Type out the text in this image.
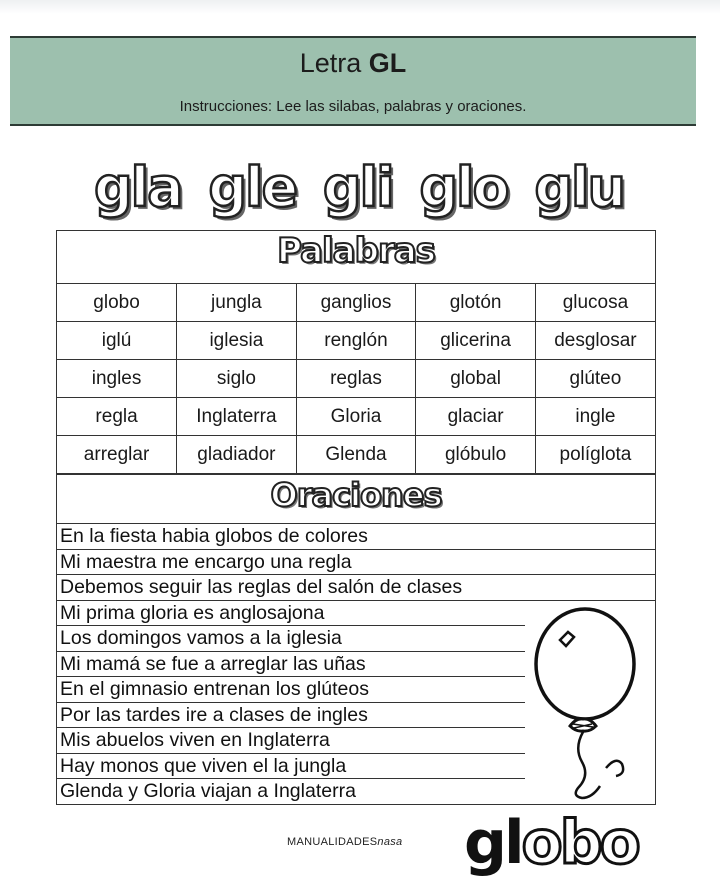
Letra GL
Instrucciones: Lee las silabas, palabras y oraciones.
gla gle gli glo glu
Palabras
globo	jungla	ganglios	glotón	glucosa
iglú	iglesia	renglón	glicerina	desglosar
ingles	siglo	reglas	global	glúteo
regla	Inglaterra	Gloria	glaciar	ingle
arreglar	gladiador	Glenda	glóbulo	políglota
Oraciones
En la fiesta habia globos de colores
Mi maestra me encargo una regla
Debemos seguir las reglas del salón de clases
Mi prima gloria es anglosajona
Los domingos vamos a la iglesia
Mi mamá se fue a arreglar las uñas
En el gimnasio entrenan los glúteos
Por las tardes ire a clases de ingles
Mis abuelos viven en Inglaterra
Hay monos que viven el la jungla
Glenda y Gloria viajan a Inglaterra
MANUALIDADESnasa globo
